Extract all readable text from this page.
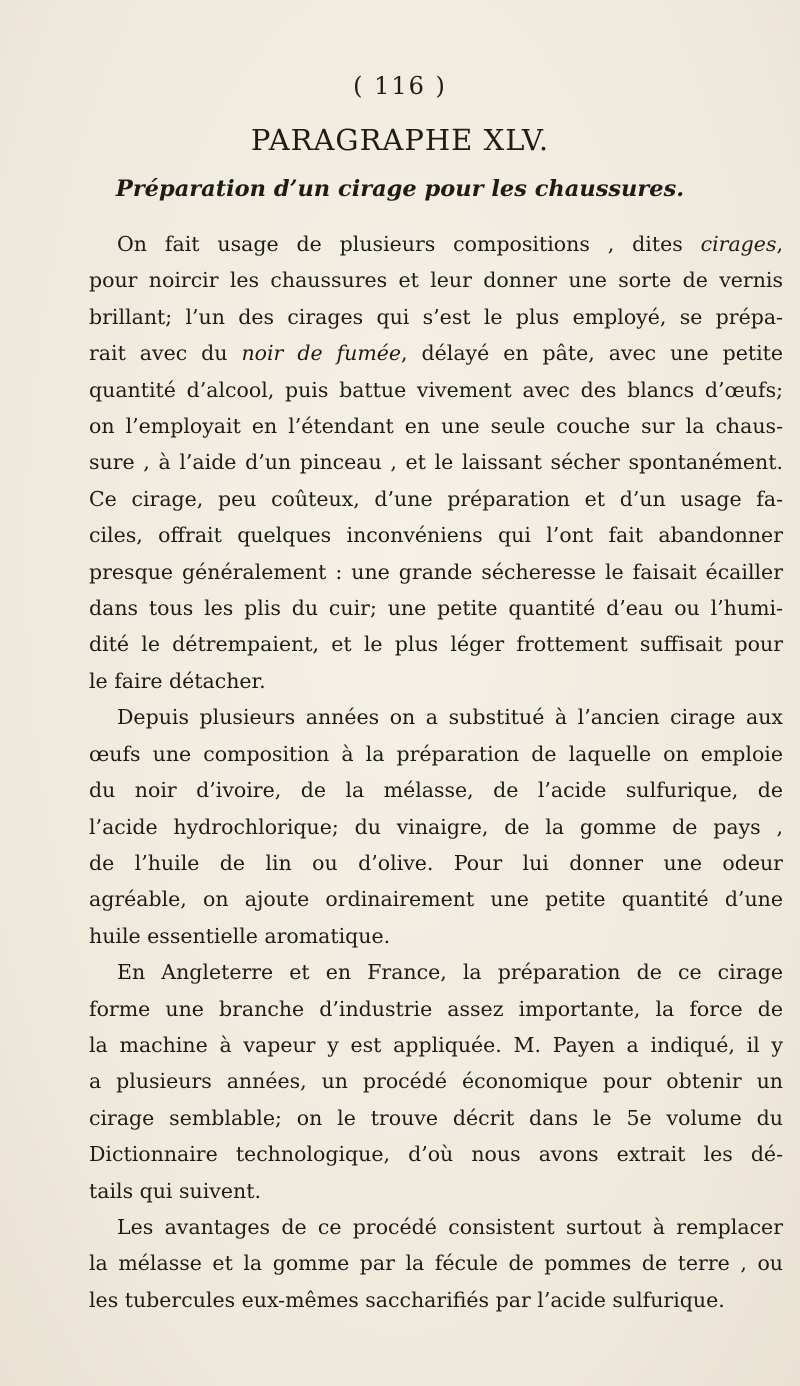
( 116 )
PARAGRAPHE XLV.
Préparation d’un cirage pour les chaussures.
On fait usage de plusieurs compositions , dites cirages,
pour noircir les chaussures et leur donner une sorte de vernis
brillant; l’un des cirages qui s’est le plus employé, se prépa-
rait avec du noir de fumée, délayé en pâte, avec une petite
quantité d’alcool, puis battue vivement avec des blancs d’œufs;
on l’employait en l’étendant en une seule couche sur la chaus-
sure , à l’aide d’un pinceau , et le laissant sécher spontanément.
Ce cirage, peu coûteux, d’une préparation et d’un usage fa-
ciles, offrait quelques inconvéniens qui l’ont fait abandonner
presque généralement : une grande sécheresse le faisait écailler
dans tous les plis du cuir; une petite quantité d’eau ou l’humi-
dité le détrempaient, et le plus léger frottement suffisait pour
le faire détacher.
Depuis plusieurs années on a substitué à l’ancien cirage aux
œufs une composition à la préparation de laquelle on emploie
du noir d’ivoire, de la mélasse, de l’acide sulfurique, de
l’acide hydrochlorique; du vinaigre, de la gomme de pays ,
de l’huile de lin ou d’olive. Pour lui donner une odeur
agréable, on ajoute ordinairement une petite quantité d’une
huile essentielle aromatique.
En Angleterre et en France, la préparation de ce cirage
forme une branche d’industrie assez importante, la force de
la machine à vapeur y est appliquée. M. Payen a indiqué, il y
a plusieurs années, un procédé économique pour obtenir un
cirage semblable; on le trouve décrit dans le 5e volume du
Dictionnaire technologique, d’où nous avons extrait les dé-
tails qui suivent.
Les avantages de ce procédé consistent surtout à remplacer
la mélasse et la gomme par la fécule de pommes de terre , ou
les tubercules eux-mêmes saccharifiés par l’acide sulfurique.
